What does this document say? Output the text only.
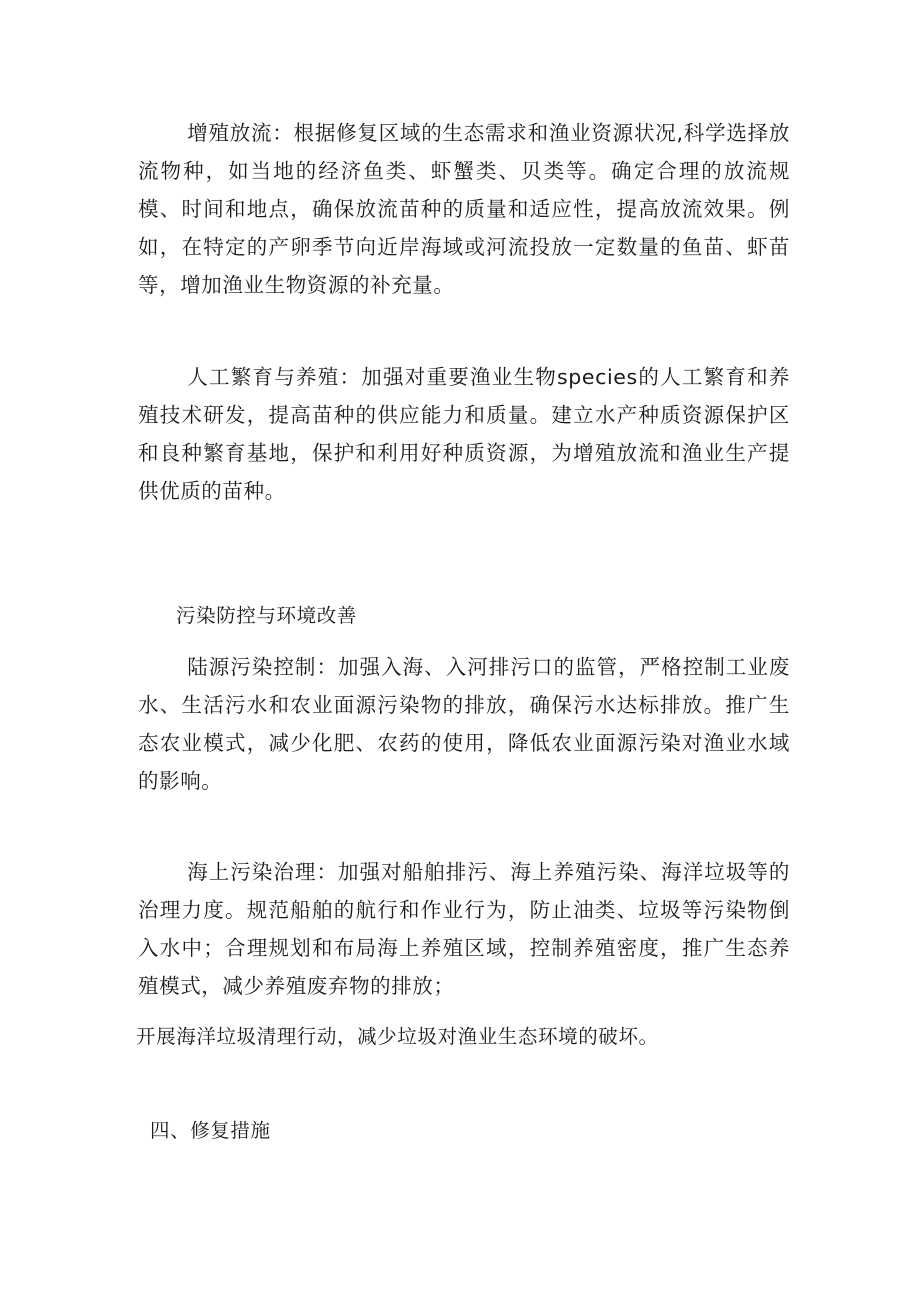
增殖放流：根据修复区域的生态需求和渔业资源状况,科学选择放流物种，如当地的经济鱼类、虾蟹类、贝类等。确定合理的放流规模、时间和地点，确保放流苗种的质量和适应性，提高放流效果。例如，在特定的产卵季节向近岸海域或河流投放一定数量的鱼苗、虾苗等，增加渔业生物资源的补充量。

人工繁育与养殖：加强对重要渔业生物species的人工繁育和养殖技术研发，提高苗种的供应能力和质量。建立水产种质资源保护区和良种繁育基地，保护和利用好种质资源，为增殖放流和渔业生产提供优质的苗种。

污染防控与环境改善

陆源污染控制：加强入海、入河排污口的监管，严格控制工业废水、生活污水和农业面源污染物的排放，确保污水达标排放。推广生态农业模式，减少化肥、农药的使用，降低农业面源污染对渔业水域的影响。

海上污染治理：加强对船舶排污、海上养殖污染、海洋垃圾等的治理力度。规范船舶的航行和作业行为，防止油类、垃圾等污染物倒入水中；合理规划和布局海上养殖区域，控制养殖密度，推广生态养殖模式，减少养殖废弃物的排放；

开展海洋垃圾清理行动，减少垃圾对渔业生态环境的破坏。

四、修复措施
